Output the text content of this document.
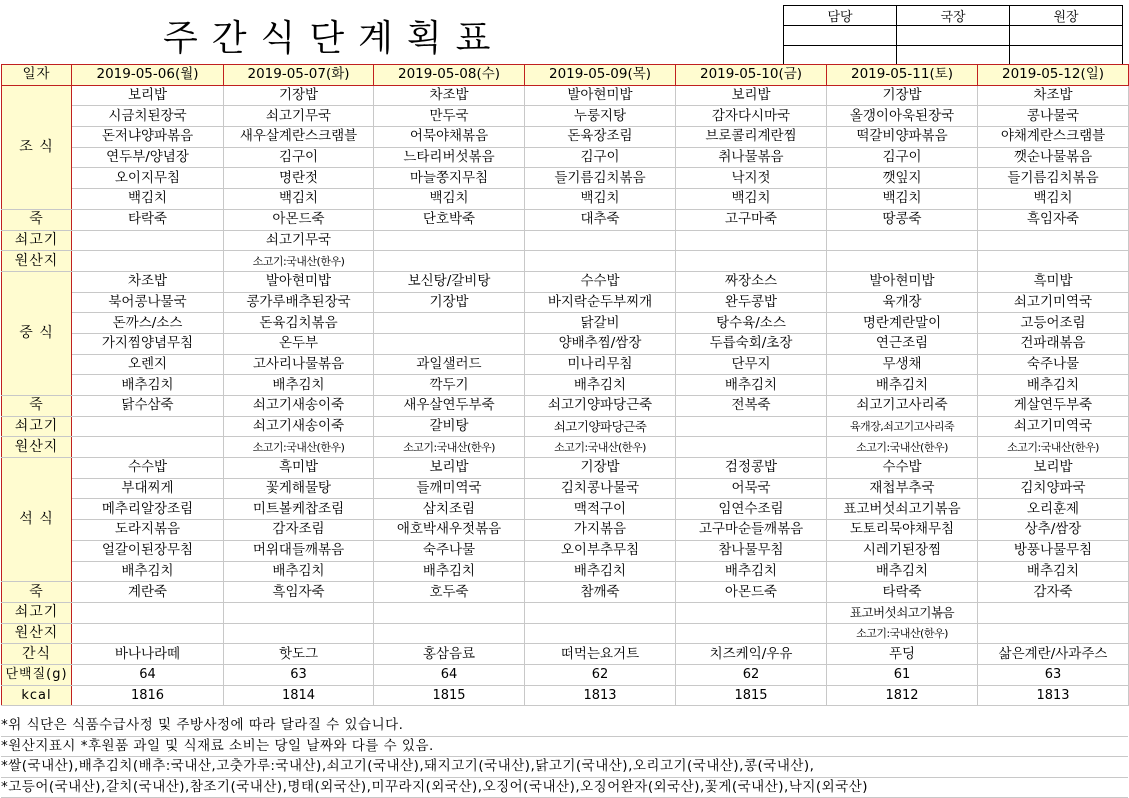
주간식단계획표
담당	국장	원장

일자	2019-05-06(월)	2019-05-07(화)	2019-05-08(수)	2019-05-09(목)	2019-05-10(금)	2019-05-11(토)	2019-05-12(일)
조 식	보리밥	기장밥	차조밥	발아현미밥	보리밥	기장밥	차조밥
	시금치된장국	쇠고기무국	만두국	누룽지탕	감자다시마국	올갱이아욱된장국	콩나물국
	돈저냐양파볶음	새우살계란스크램블	어묵야채볶음	돈육장조림	브로콜리계란찜	떡갈비양파볶음	야채계란스크램블
	연두부/양념장	김구이	느타리버섯볶음	김구이	취나물볶음	김구이	깻순나물볶음
	오이지무침	명란젓	마늘쫑지무침	들기름김치볶음	낙지젓	깻잎지	들기름김치볶음
	백김치	백김치	백김치	백김치	백김치	백김치	백김치
죽	타락죽	아몬드죽	단호박죽	대추죽	고구마죽	땅콩죽	흑임자죽
쇠고기		쇠고기무국					
원산지		소고기:국내산(한우)					
중 식	차조밥	발아현미밥	보신탕/갈비탕	수수밥	짜장소스	발아현미밥	흑미밥
	북어콩나물국	콩가루배추된장국	기장밥	바지락순두부찌개	완두콩밥	육개장	쇠고기미역국
	돈까스/소스	돈육김치볶음		닭갈비	탕수육/소스	명란계란말이	고등어조림
	가지찜양념무침	온두부		양배추찜/쌈장	두릅숙회/초장	연근조림	건파래볶음
	오렌지	고사리나물볶음	과일샐러드	미나리무침	단무지	무생채	숙주나물
	배추김치	배추김치	깍두기	배추김치	배추김치	배추김치	배추김치
죽	닭수삼죽	쇠고기새송이죽	새우살연두부죽	쇠고기양파당근죽	전복죽	쇠고기고사리죽	게살연두부죽
쇠고기		쇠고기새송이죽	갈비탕	쇠고기양파당근죽		육개장,쇠고기고사리죽	쇠고기미역국
원산지		소고기:국내산(한우)	소고기:국내산(한우)	소고기:국내산(한우)		소고기:국내산(한우)	소고기:국내산(한우)
석 식	수수밥	흑미밥	보리밥	기장밥	검정콩밥	수수밥	보리밥
	부대찌게	꽃게해물탕	들깨미역국	김치콩나물국	어묵국	재첩부추국	김치양파국
	메추리알장조림	미트볼케찹조림	삼치조림	맥적구이	임연수조림	표고버섯쇠고기볶음	오리훈제
	도라지볶음	감자조림	애호박새우젓볶음	가지볶음	고구마순들깨볶음	도토리묵야채무침	상추/쌈장
	얼갈이된장무침	머위대들깨볶음	숙주나물	오이부추무침	참나물무침	시레기된장찜	방풍나물무침
	배추김치	배추김치	배추김치	배추김치	배추김치	배추김치	배추김치
죽	계란죽	흑임자죽	호두죽	참깨죽	아몬드죽	타락죽	감자죽
쇠고기						표고버섯쇠고기볶음	
원산지						소고기:국내산(한우)	
간식	바나나라떼	핫도그	홍삼음료	떠먹는요거트	치즈케익/우유	푸딩	삶은계란/사과주스
단백질(g)	64	63	64	62	62	61	63
kcal	1816	1814	1815	1813	1815	1812	1813
*위 식단은 식품수급사정 및 주방사정에 따라 달라질 수 있습니다.
*원산지표시 *후원품 과일 및 식재료 소비는 당일 날짜와 다를 수 있음.
*쌀(국내산),배추김치(배추:국내산,고춧가루:국내산),쇠고기(국내산),돼지고기(국내산),닭고기(국내산),오리고기(국내산),콩(국내산),
*고등어(국내산),갈치(국내산),참조기(국내산),명태(외국산),미꾸라지(외국산),오징어(국내산),오징어완자(외국산),꽃게(국내산),낙지(외국산)
